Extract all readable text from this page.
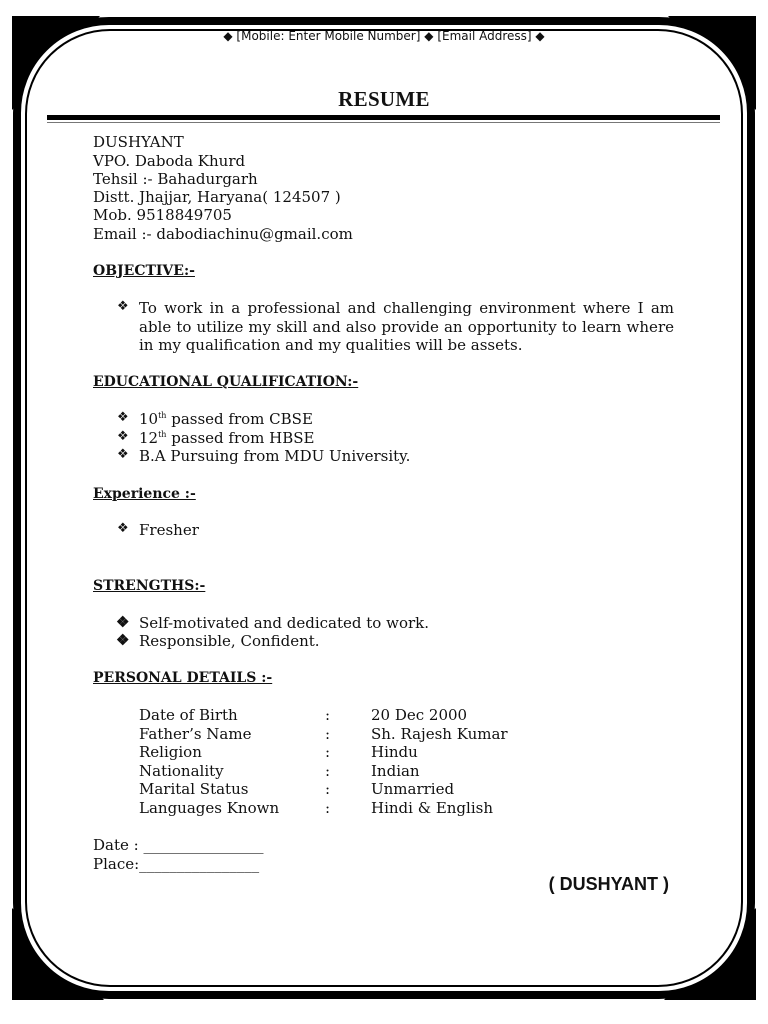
◆ [Mobile: Enter Mobile Number] ◆ [Email Address] ◆
RESUME
DUSHYANT
VPO. Daboda Khurd
Tehsil :- Bahadurgarh
Distt. Jhajjar, Haryana( 124507 )
Mob. 9518849705
Email :- dabodiachinu@gmail.com
OBJECTIVE:-
❖ To work in a professional and challenging environment where I am able to utilize my skill and also provide an opportunity to learn where in my qualification and my qualities will be assets.
EDUCATIONAL QUALIFICATION:-
❖ 10th passed from CBSE
❖ 12th passed from HBSE
❖ B.A Pursuing from MDU University.
Experience :-
❖ Fresher
STRENGTHS:-
❖ Self-motivated and dedicated to work.
❖ Responsible, Confident.
PERSONAL DETAILS :-
Date of Birth	:	20 Dec 2000
Father’s Name	:	Sh. Rajesh Kumar
Religion	:	Hindu
Nationality	:	Indian
Marital Status	:	Unmarried
Languages Known	:	Hindi & English
Date : ________________
Place:________________
( DUSHYANT )
